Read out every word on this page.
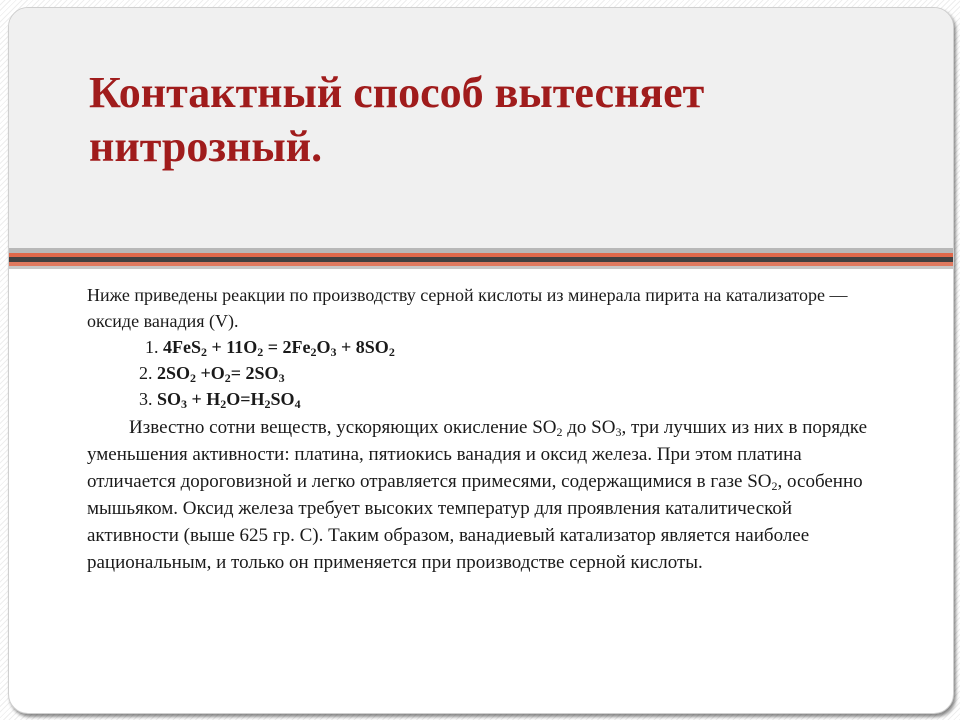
Контактный способ вытесняет нитрозный.

Ниже приведены реакции по производству серной кислоты из минерала пирита на катализаторе — оксиде ванадия (V).

1. $4FeS_2 + 11O_2 = 2Fe_2O_3 + 8SO_2$

2. $2SO_2 +O_2= 2SO_3$

3. $SO_3 + H_2O=H_2SO_4$

Известно сотни веществ, ускоряющих окисление $SO_2$ до $SO_3$, три лучших из них в порядке уменьшения активности: платина, пятиокись ванадия и оксид железа. При этом платина отличается дороговизной и легко отравляется примесями, содержащимися в газе $SO_2$, особенно мышьяком. Оксид железа требует высоких температур для проявления каталитической активности (выше 625 гр. С). Таким образом, ванадиевый катализатор является наиболее рациональным, и только он применяется при производстве серной кислоты.
